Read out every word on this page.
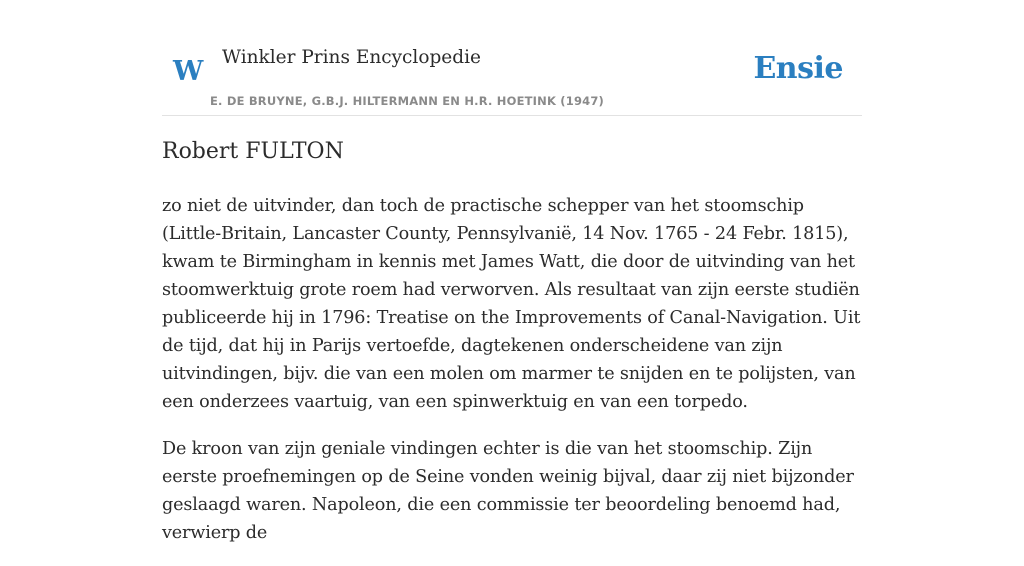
W Winkler Prins Encyclopedie
E. DE BRUYNE, G.B.J. HILTERMANN EN H.R. HOETINK (1947)
Ensie
Robert FULTON

zo niet de uitvinder, dan toch de practische schepper van het stoomschip (Little-Britain, Lancaster County, Pennsylvanië, 14 Nov. 1765 - 24 Febr. 1815), kwam te Birmingham in kennis met James Watt, die door de uitvinding van het stoomwerktuig grote roem had verworven. Als resultaat van zijn eerste studiën publiceerde hij in 1796: Treatise on the Improvements of Canal-Navigation. Uit de tijd, dat hij in Parijs vertoefde, dagtekenen onderscheidene van zijn uitvindingen, bijv. die van een molen om marmer te snijden en te polijsten, van een onderzees vaartuig, van een spinwerktuig en van een torpedo.

De kroon van zijn geniale vindingen echter is die van het stoomschip. Zijn eerste proefnemingen op de Seine vonden weinig bijval, daar zij niet bijzonder geslaagd waren. Napoleon, die een commissie ter beoordeling benoemd had, verwierp de
